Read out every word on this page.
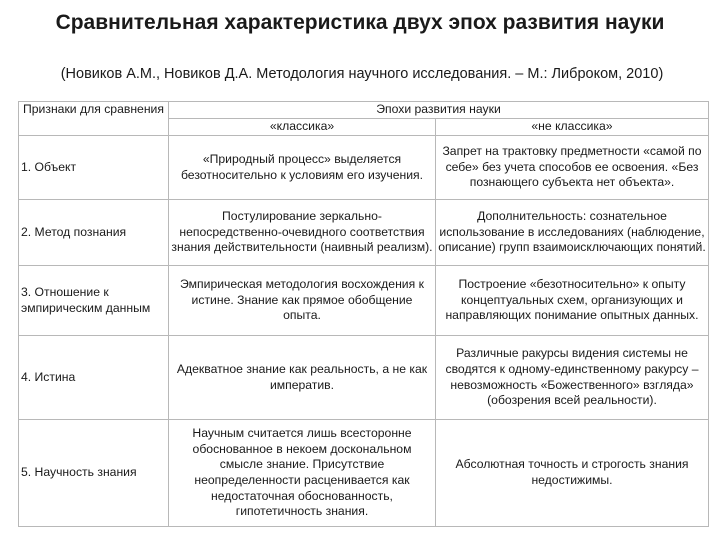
Сравнительная характеристика двух эпох развития науки
(Новиков А.М., Новиков Д.А. Методология научного исследования. – М.: Либроком, 2010)
Признаки для сравнения	Эпохи развития науки	
	«классика»	«не классика»
1. Объект	«Природный процесс» выделяется безотносительно к условиям его изучения.	Запрет на трактовку предметности «самой по себе» без учета способов ее освоения. «Без познающего субъекта нет объекта».
2. Метод познания	Постулирование зеркально-непосредственно-очевидного соответствия знания действительности (наивный реализм).	Дополнительность: сознательное использование в исследованиях (наблюдение, описание) групп взаимоисключающих понятий.
3. Отношение к эмпирическим данным	Эмпирическая методология восхождения к истине. Знание как прямое обобщение опыта.	Построение «безотносительно» к опыту концептуальных схем, организующих и направляющих понимание опытных данных.
4. Истина	Адекватное знание как реальность, а не как императив.	Различные ракурсы видения системы не сводятся к одному-единственному ракурсу – невозможность «Божественного» взгляда» (обозрения всей реальности).
5. Научность знания	Научным считается лишь всесторонне обоснованное в некоем доскональном смысле знание. Присутствие неопределенности расценивается как недостаточная обоснованность, гипотетичность знания.	Абсолютная точность и строгость знания недостижимы.
